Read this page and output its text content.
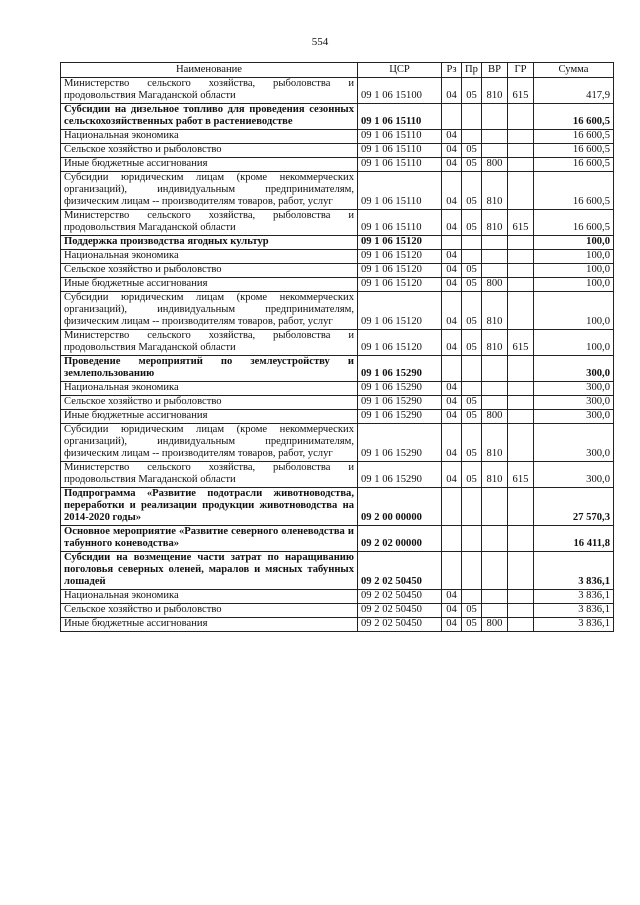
554
Наименование	ЦСР	Рз	Пр	ВР	ГР	Сумма
Министерство сельского хозяйства, рыболовства и продовольствия Магаданской области	09 1 06 15100	04	05	810	615	417,9
Субсидии на дизельное топливо для проведения сезонных сельскохозяйственных работ в растениеводстве	09 1 06 15110					16 600,5
Национальная экономика	09 1 06 15110	04				16 600,5
Сельское хозяйство и рыболовство	09 1 06 15110	04	05			16 600,5
Иные бюджетные ассигнования	09 1 06 15110	04	05	800		16 600,5
Субсидии юридическим лицам (кроме некоммерческих организаций), индивидуальным предпринимателям, физическим лицам -- производителям товаров, работ, услуг	09 1 06 15110	04	05	810		16 600,5
Министерство сельского хозяйства, рыболовства и продовольствия Магаданской области	09 1 06 15110	04	05	810	615	16 600,5
Поддержка производства ягодных культур	09 1 06 15120					100,0
Национальная экономика	09 1 06 15120	04				100,0
Сельское хозяйство и рыболовство	09 1 06 15120	04	05			100,0
Иные бюджетные ассигнования	09 1 06 15120	04	05	800		100,0
Субсидии юридическим лицам (кроме некоммерческих организаций), индивидуальным предпринимателям, физическим лицам -- производителям товаров, работ, услуг	09 1 06 15120	04	05	810		100,0
Министерство сельского хозяйства, рыболовства и продовольствия Магаданской области	09 1 06 15120	04	05	810	615	100,0
Проведение мероприятий по землеустройству и землепользованию	09 1 06 15290					300,0
Национальная экономика	09 1 06 15290	04				300,0
Сельское хозяйство и рыболовство	09 1 06 15290	04	05			300,0
Иные бюджетные ассигнования	09 1 06 15290	04	05	800		300,0
Субсидии юридическим лицам (кроме некоммерческих организаций), индивидуальным предпринимателям, физическим лицам -- производителям товаров, работ, услуг	09 1 06 15290	04	05	810		300,0
Министерство сельского хозяйства, рыболовства и продовольствия Магаданской области	09 1 06 15290	04	05	810	615	300,0
Подпрограмма «Развитие подотрасли животноводства, переработки и реализации продукции животноводства на 2014-2020 годы»	09 2 00 00000					27 570,3
Основное мероприятие «Развитие северного оленеводства и табунного коневодства»	09 2 02 00000					16 411,8
Субсидии на возмещение части затрат по наращиванию поголовья северных оленей, маралов и мясных табунных лошадей	09 2 02 50450					3 836,1
Национальная экономика	09 2 02 50450	04				3 836,1
Сельское хозяйство и рыболовство	09 2 02 50450	04	05			3 836,1
Иные бюджетные ассигнования	09 2 02 50450	04	05	800		3 836,1
